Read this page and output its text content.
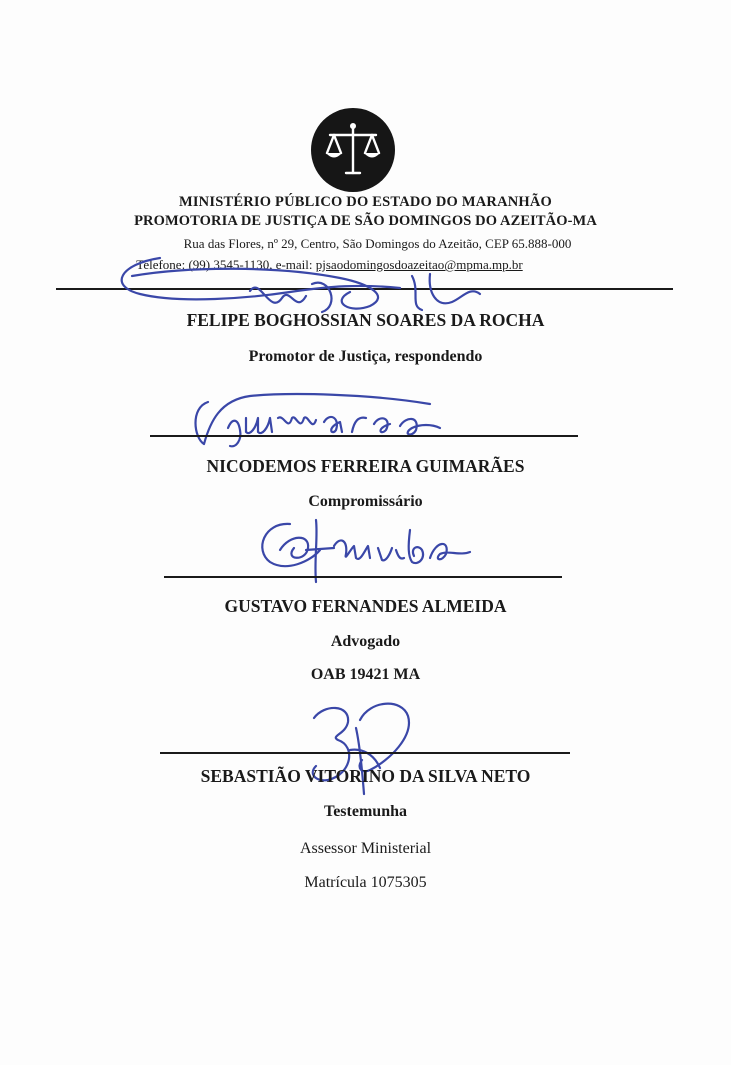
MINISTÉRIO PÚBLICO DO ESTADO DO MARANHÃO
PROMOTORIA DE JUSTIÇA DE SÃO DOMINGOS DO AZEITÃO-MA
Rua das Flores, nº 29, Centro, São Domingos do Azeitão, CEP 65.888-000
Telefone: (99) 3545-1130, e-mail: pjsaodomingosdoazeitao@mpma.mp.br
FELIPE BOGHOSSIAN SOARES DA ROCHA
Promotor de Justiça, respondendo
NICODEMOS FERREIRA GUIMARÃES
Compromissário
GUSTAVO FERNANDES ALMEIDA
Advogado
OAB 19421 MA
SEBASTIÃO VITORINO DA SILVA NETO
Testemunha
Assessor Ministerial
Matrícula 1075305
